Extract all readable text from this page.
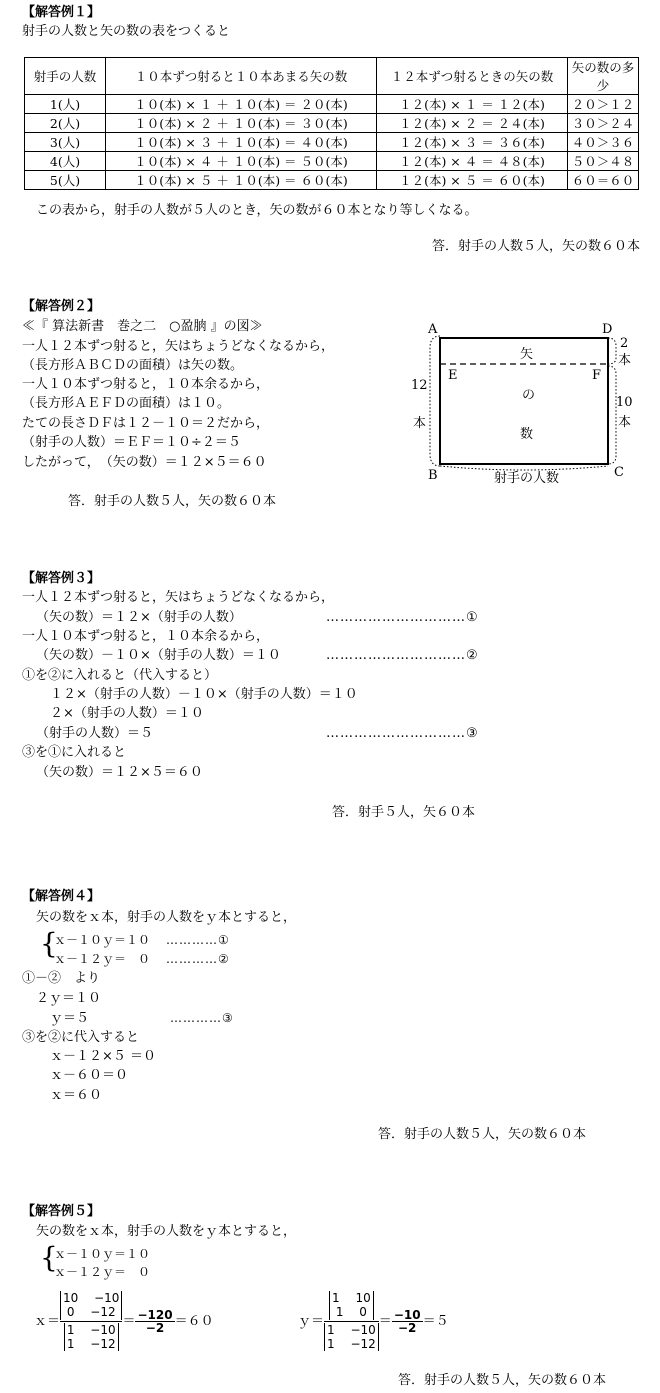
【解答例１】
射手の人数と矢の数の表をつくると
射手の人数	１０本ずつ射ると１０本あまる矢の数	１２本ずつ射るときの矢の数	矢の数の多少
1(人)	１０(本) × １ ＋ １０(本) ＝ ２０(本)	１２(本) × １ ＝ １２(本)	２０＞１２
2(人)	１０(本) × ２ ＋ １０(本) ＝ ３０(本)	１２(本) × ２ ＝ ２４(本)	３０＞２４
3(人)	１０(本) × ３ ＋ １０(本) ＝ ４０(本)	１２(本) × ３ ＝ ３６(本)	４０＞３６
4(人)	１０(本) × ４ ＋ １０(本) ＝ ５０(本)	１２(本) × ４ ＝ ４８(本)	５０＞４８
5(人)	１０(本) × ５ ＋ １０(本) ＝ ６０(本)	１２(本) × ５ ＝ ６０(本)	６０＝６０
この表から，射手の人数が５人のとき，矢の数が６０本となり等しくなる。
答．射手の人数５人，矢の数６０本
【解答例２】
≪『 算法新書　巻之二　○盈朒 』の図≫
一人１２本ずつ射ると，矢はちょうどなくなるから，
（長方形ＡＢＣＤの面積）は矢の数。
一人１０本ずつ射ると，１０本余るから，
（長方形ＡＥＦＤの面積）は１０。
たての長さＤＦは１２－１０＝２だから，
（射手の人数）＝ＥＦ＝１０÷２＝５
したがって，　（矢の数）＝１２×５＝６０
答．射手の人数５人，矢の数６０本
A	D
E	F
B	C
矢
の
数
12
本
2
本
10
本
射手の人数
【解答例３】
一人１２本ずつ射ると，矢はちょうどなくなるから，
（矢の数）＝１２×（射手の人数）	…………………………①
一人１０本ずつ射ると，１０本余るから，
（矢の数）－１０×（射手の人数）＝１０	…………………………②
①を②に入れると（代入すると）
１２×（射手の人数）－１０×（射手の人数）＝１０
２×（射手の人数）＝１０
（射手の人数）＝５	…………………………③
③を①に入れると
（矢の数）＝１２×５＝６０
答．射手５人，矢６０本
【解答例４】
矢の数をｘ本，射手の人数をｙ本とすると，
{
ｘ－１０ｙ＝１０ …………①
ｘ－１２ｙ＝　０ …………②
①－②　より
２ｙ＝１０
ｙ＝５	…………③
③を②に代入すると
ｘ－１２×５ ＝０
ｘ－６０＝０
ｘ＝６０
答．射手の人数５人，矢の数６０本
【解答例５】
矢の数をｘ本，射手の人数をｙ本とすると，
{
ｘ－１０ｙ＝１０
ｘ－１２ｙ＝　０
ｘ＝
10　 −10
0　 −12
1　 −10
1　 −12
＝ $\frac{-120}{-2} =60$	ｙ＝
1　 10
1　 0
1　 −10
1　 −12
＝ $\frac{-10}{-2} =5$
答．射手の人数５人，矢の数６０本
